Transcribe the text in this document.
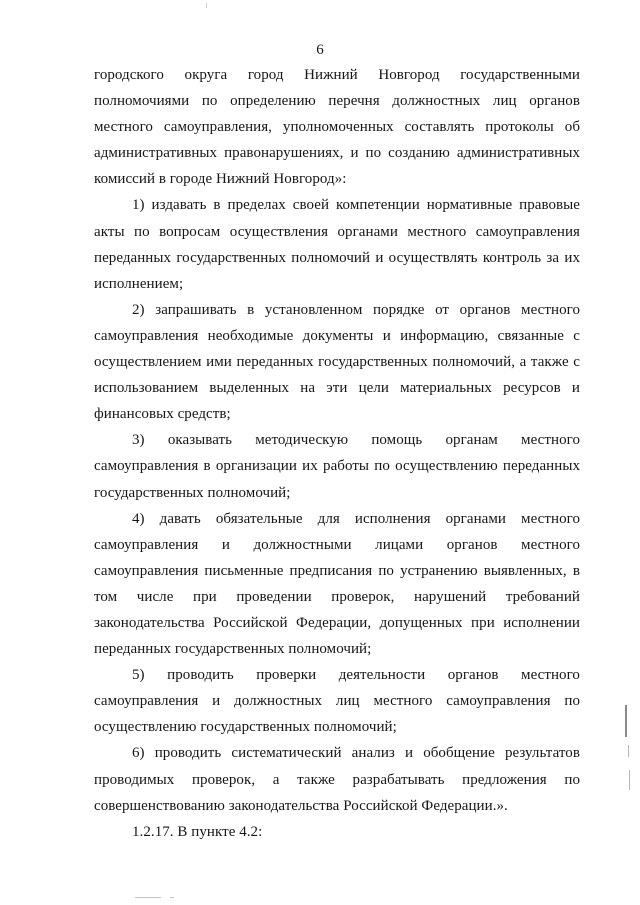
6

городского округа город Нижний Новгород государственными полномочиями по определению перечня должностных лиц органов местного самоуправления, уполномоченных составлять протоколы об административных правонарушениях, и по созданию административных комиссий в городе Нижний Новгород»:

1) издавать в пределах своей компетенции нормативные правовые акты по вопросам осуществления органами местного самоуправления переданных государственных полномочий и осуществлять контроль за их исполнением;

2) запрашивать в установленном порядке от органов местного самоуправления необходимые документы и информацию, связанные с осуществлением ими переданных государственных полномочий, а также с использованием выделенных на эти цели материальных ресурсов и финансовых средств;

3) оказывать методическую помощь органам местного самоуправления в организации их работы по осуществлению переданных государственных полномочий;

4) давать обязательные для исполнения органами местного самоуправления и должностными лицами органов местного самоуправления письменные предписания по устранению выявленных, в том числе при проведении проверок, нарушений требований законодательства Российской Федерации, допущенных при исполнении переданных государственных полномочий;

5) проводить проверки деятельности органов местного самоуправления и должностных лиц местного самоуправления по осуществлению государственных полномочий;

6) проводить систематический анализ и обобщение результатов проводимых проверок, а также разрабатывать предложения по совершенствованию законодательства Российской Федерации.».

1.2.17. В пункте 4.2:
